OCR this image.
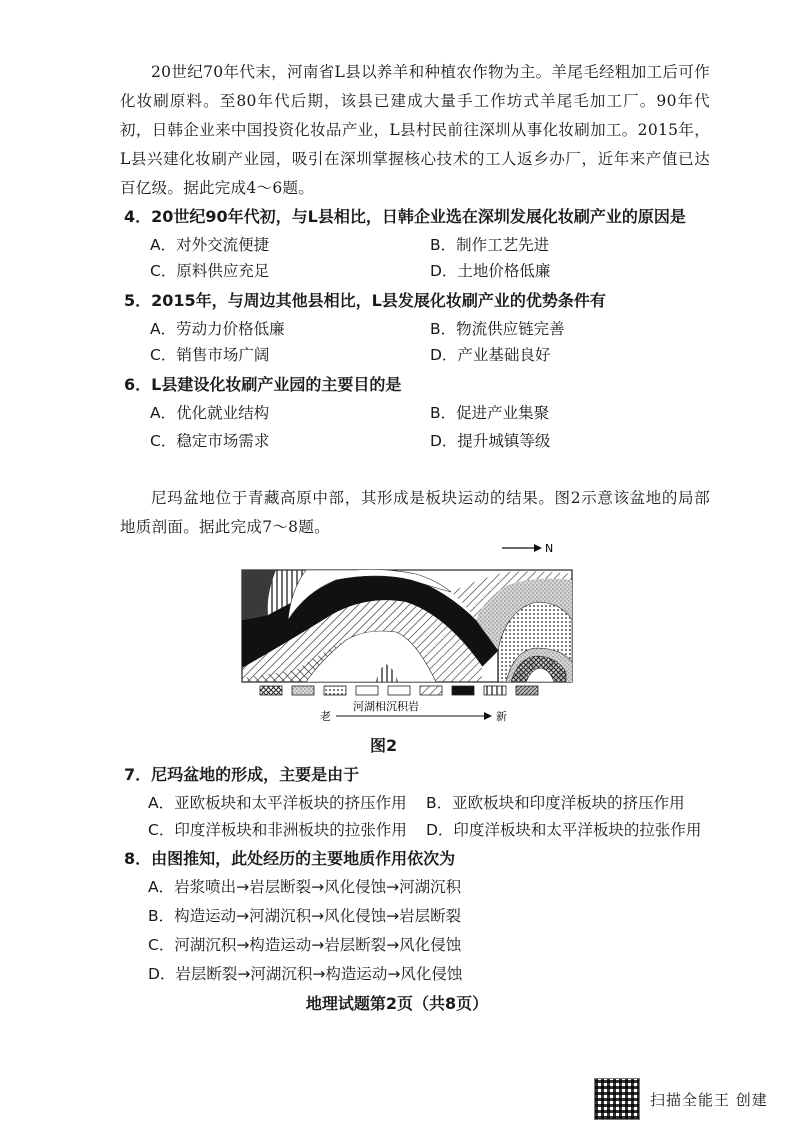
20世纪70年代末，河南省L县以养羊和种植农作物为主。羊尾毛经粗加工后可作化妆刷原料。至80年代后期，该县已建成大量手工作坊式羊尾毛加工厂。90年代初，日韩企业来中国投资化妆品产业，L县村民前往深圳从事化妆刷加工。2015年，L县兴建化妆刷产业园，吸引在深圳掌握核心技术的工人返乡办厂，近年来产值已达百亿级。据此完成4～6题。

4．20世纪90年代初，与L县相比，日韩企业选在深圳发展化妆刷产业的原因是
A．对外交流便捷	B．制作工艺先进
C．原料供应充足	D．土地价格低廉
5．2015年，与周边其他县相比，L县发展化妆刷产业的优势条件有
A．劳动力价格低廉	B．物流供应链完善
C．销售市场广阔	D．产业基础良好
6．L县建设化妆刷产业园的主要目的是
A．优化就业结构	B．促进产业集聚
C．稳定市场需求	D．提升城镇等级

尼玛盆地位于青藏高原中部，其形成是板块运动的结果。图2示意该盆地的局部地质剖面。据此完成7～8题。

N
河湖相沉积岩
老	新
图2
7．尼玛盆地的形成，主要是由于
A．亚欧板块和太平洋板块的挤压作用 B．亚欧板块和印度洋板块的挤压作用
C．印度洋板块和非洲板块的拉张作用 D．印度洋板块和太平洋板块的拉张作用
8．由图推知，此处经历的主要地质作用依次为
A．岩浆喷出→岩层断裂→风化侵蚀→河湖沉积
B．构造运动→河湖沉积→风化侵蚀→岩层断裂
C．河湖沉积→构造运动→岩层断裂→风化侵蚀
D．岩层断裂→河湖沉积→构造运动→风化侵蚀
地理试题第2页（共8页）
扫描全能王 创建
